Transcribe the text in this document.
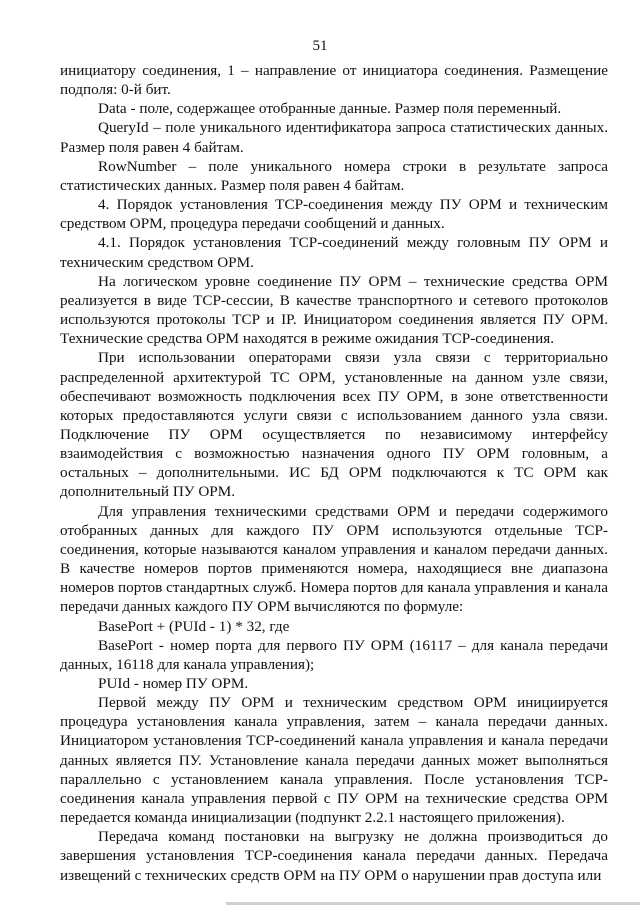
51

инициатору соединения, 1 – направление от инициатора соединения. Размещение подполя: 0-й бит.

Data - поле, содержащее отобранные данные. Размер поля переменный.

QueryId – поле уникального идентификатора запроса статистических данных. Размер поля равен 4 байтам.

RowNumber – поле уникального номера строки в результате запроса статистических данных. Размер поля равен 4 байтам.

4. Порядок установления TCP-соединения между ПУ ОРМ и техническим средством ОРМ, процедура передачи сообщений и данных.

4.1. Порядок установления TCP-соединений между головным ПУ ОРМ и техническим средством ОРМ.

На логическом уровне соединение ПУ ОРМ – технические средства ОРМ реализуется в виде TCP-сессии, В качестве транспортного и сетевого протоколов используются протоколы TCP и IP. Инициатором соединения является ПУ ОРМ. Технические средства ОРМ находятся в режиме ожидания TCP-соединения.

При использовании операторами связи узла связи с территориально распределенной архитектурой ТС ОРМ, установленные на данном узле связи, обеспечивают возможность подключения всех ПУ ОРМ, в зоне ответственности которых предоставляются услуги связи с использованием данного узла связи. Подключение ПУ ОРМ осуществляется по независимому интерфейсу взаимодействия с возможностью назначения одного ПУ ОРМ головным, а остальных – дополнительными. ИС БД ОРМ подключаются к ТС ОРМ как дополнительный ПУ ОРМ.

Для управления техническими средствами ОРМ и передачи содержимого отобранных данных для каждого ПУ ОРМ используются отдельные TCP-соединения, которые называются каналом управления и каналом передачи данных. В качестве номеров портов применяются номера, находящиеся вне диапазона номеров портов стандартных служб. Номера портов для канала управления и канала передачи данных каждого ПУ ОРМ вычисляются по формуле:

BasePort + (PUId - 1) * 32, где

BasePort - номер порта для первого ПУ ОРМ (16117 – для канала передачи данных, 16118 для канала управления);

PUId - номер ПУ ОРМ.

Первой между ПУ ОРМ и техническим средством ОРМ инициируется процедура установления канала управления, затем – канала передачи данных. Инициатором установления TCP-соединений канала управления и канала передачи данных является ПУ. Установление канала передачи данных может выполняться параллельно с установлением канала управления. После установления TCP-соединения канала управления первой с ПУ ОРМ на технические средства ОРМ передается команда инициализации (подпункт 2.2.1 настоящего приложения).

Передача команд постановки на выгрузку не должна производиться до завершения установления TCP-соединения канала передачи данных. Передача извещений с технических средств ОРМ на ПУ ОРМ о нарушении прав доступа или
